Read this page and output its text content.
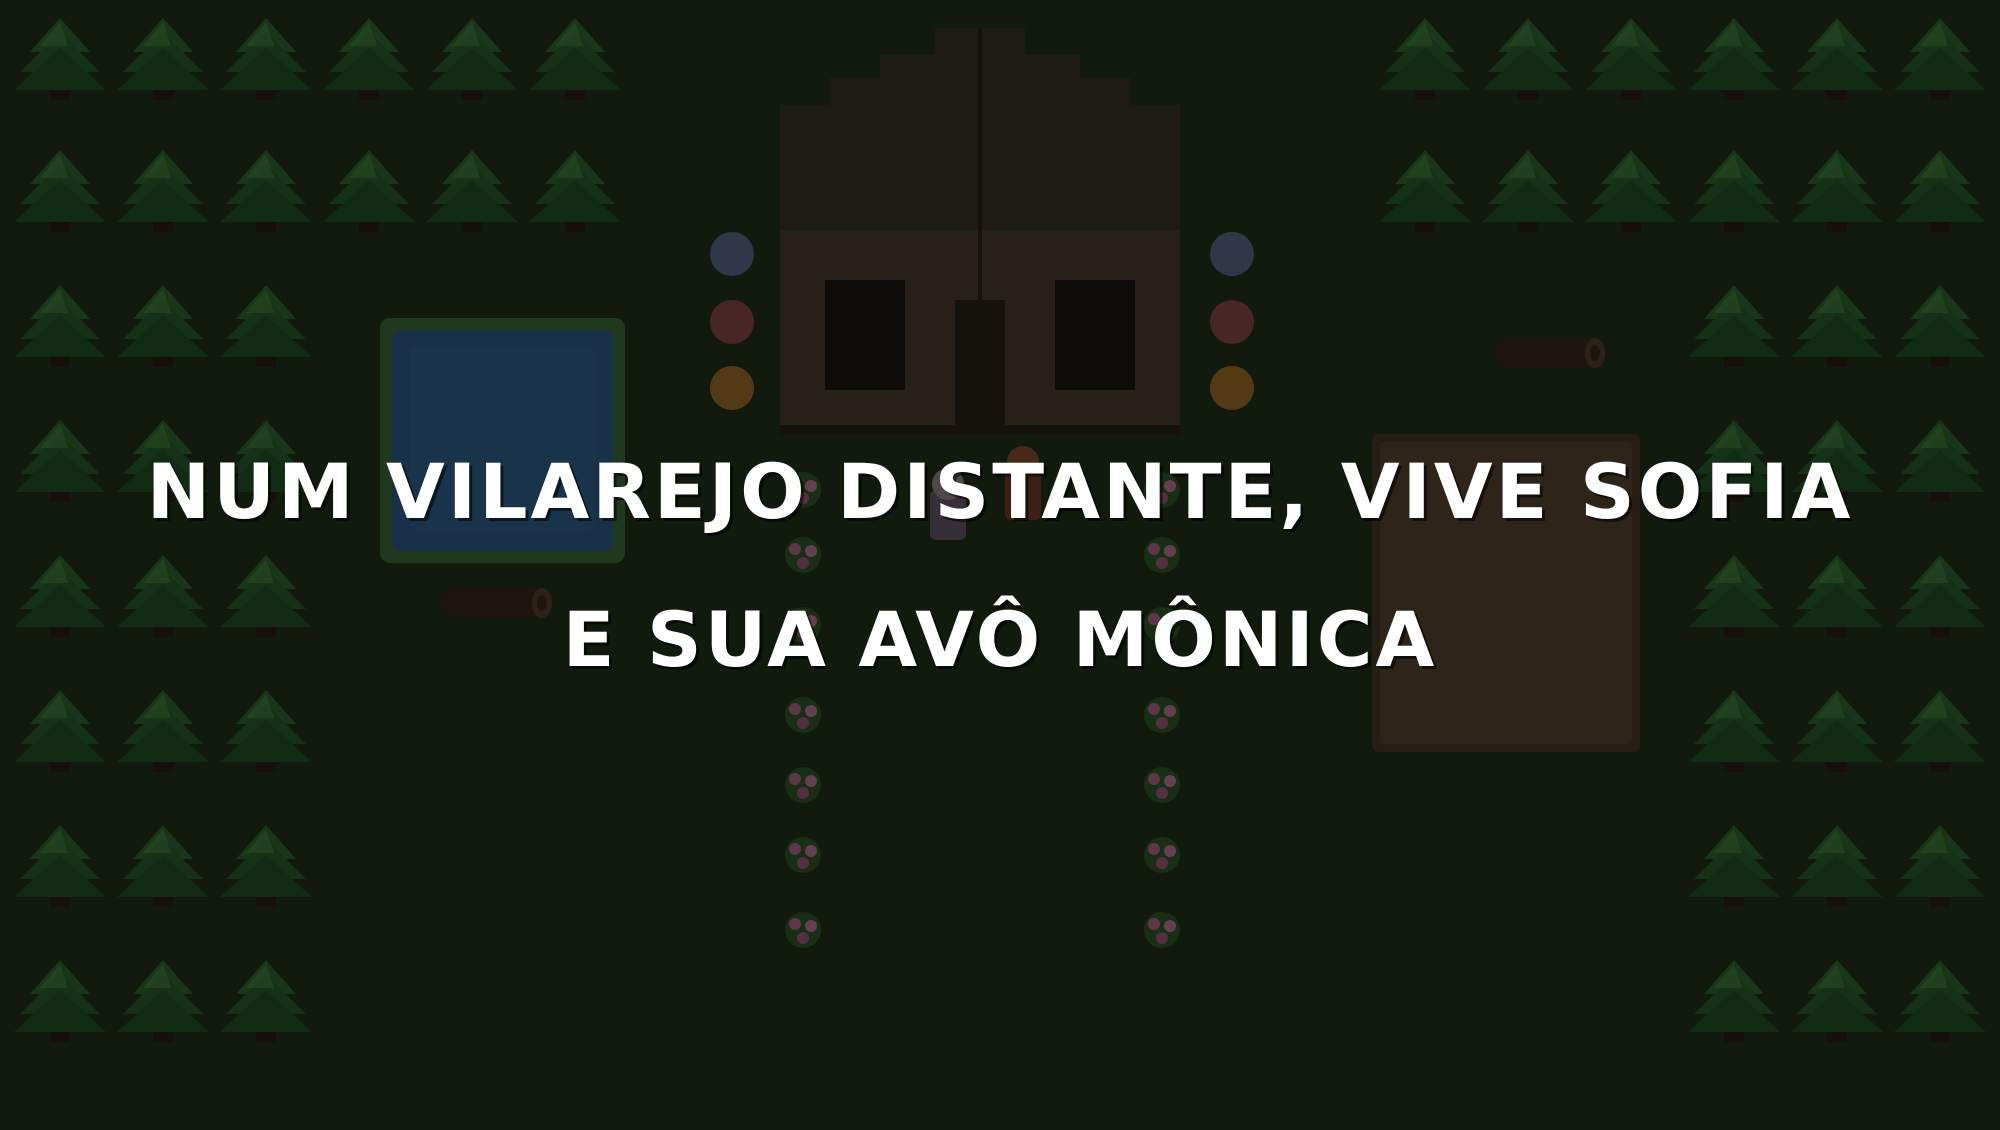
NUM VILAREJO DISTANTE, VIVE SOFIA
E SUA AVÔ MÔNICA
